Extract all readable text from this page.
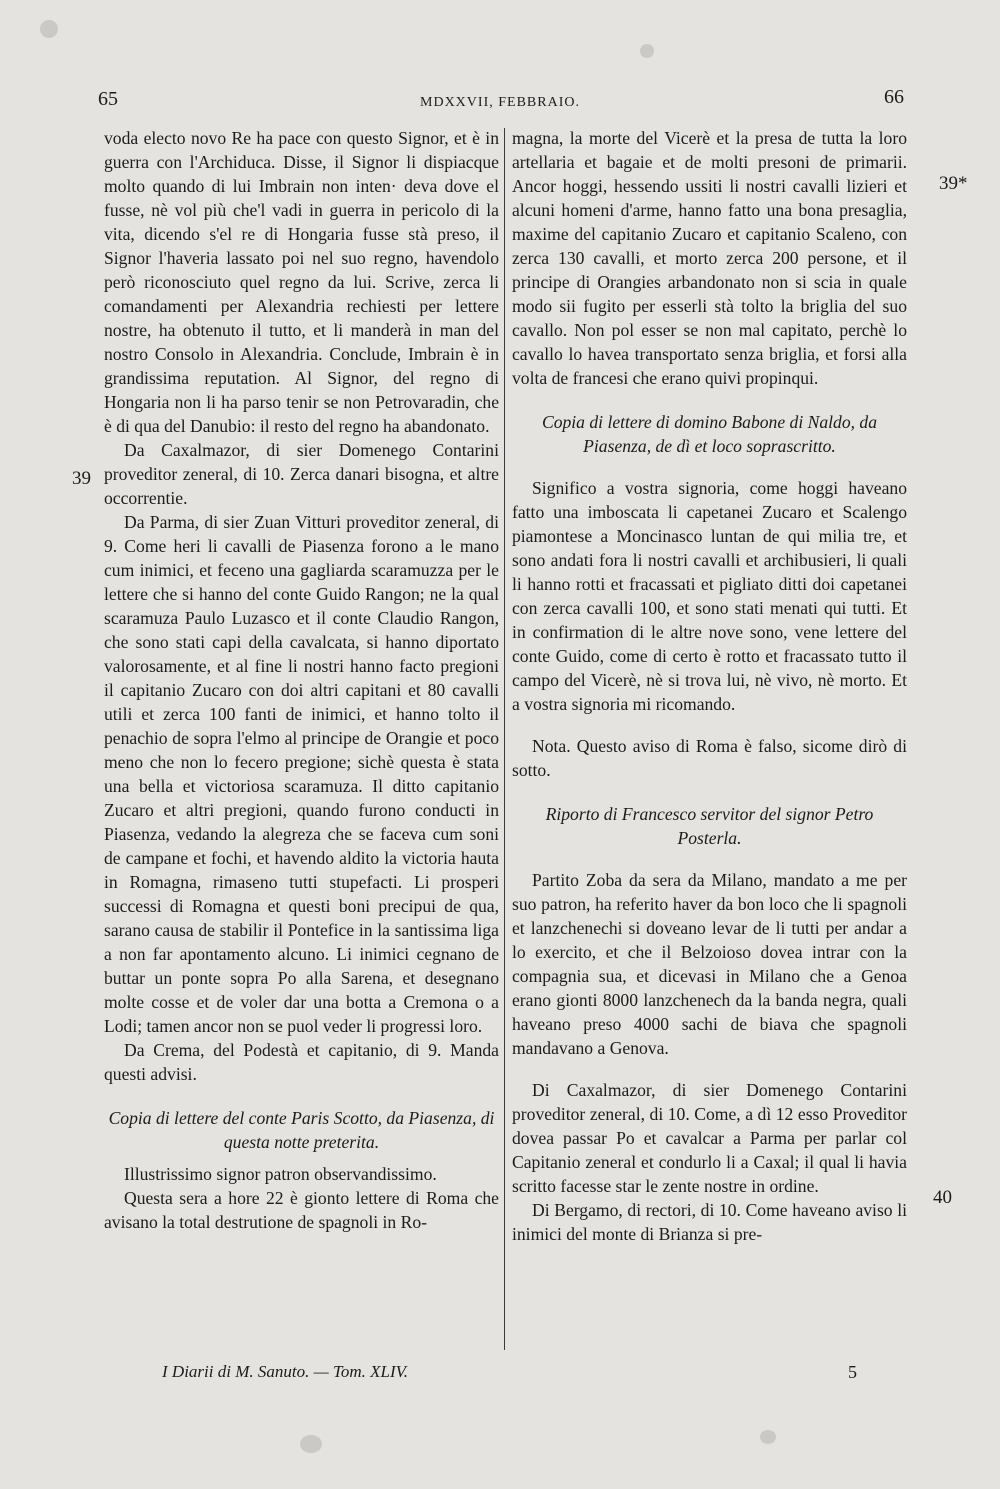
65	MDXXVII, FEBBRAIO.	66
39
39*
40

voda electo novo Re ha pace con questo Signor, et è in guerra con l'Archiduca. Disse, il Signor li dispiacque molto quando di lui Imbrain non inten· deva dove el fusse, nè vol più che'l vadi in guerra in pericolo di la vita, dicendo s'el re di Hongaria fusse stà preso, il Signor l'haveria lassato poi nel suo regno, havendolo però riconosciuto quel regno da lui. Scrive, zerca li comandamenti per Alexandria rechiesti per lettere nostre, ha obtenuto il tutto, et li manderà in man del nostro Consolo in Alexandria. Conclude, Imbrain è in grandissima reputation. Al Signor, del regno di Hongaria non li ha parso tenir se non Petrovaradin, che è di qua del Danubio: il resto del regno ha abandonato.

Da Caxalmazor, di sier Domenego Contarini proveditor zeneral, di 10. Zerca danari bisogna, et altre occorrentie.

Da Parma, di sier Zuan Vitturi proveditor zeneral, di 9. Come heri li cavalli de Piasenza forono a le mano cum inimici, et feceno una gagliarda scaramuzza per le lettere che si hanno del conte Guido Rangon; ne la qual scaramuza Paulo Luzasco et il conte Claudio Rangon, che sono stati capi della cavalcata, si hanno diportato valorosamente, et al fine li nostri hanno facto pregioni il capitanio Zucaro con doi altri capitani et 80 cavalli utili et zerca 100 fanti de inimici, et hanno tolto il penachio de sopra l'elmo al principe de Orangie et poco meno che non lo fecero pregione; sichè questa è stata una bella et victoriosa scaramuza. Il ditto capitanio Zucaro et altri pregioni, quando furono conducti in Piasenza, vedando la alegreza che se faceva cum soni de campane et fochi, et havendo aldito la victoria hauta in Romagna, rimaseno tutti stupefacti. Li prosperi successi di Romagna et questi boni precipui de qua, sarano causa de stabilir il Pontefice in la santissima liga a non far apontamento alcuno. Li inimici cegnano de buttar un ponte sopra Po alla Sarena, et desegnano molte cosse et de voler dar una botta a Cremona o a Lodi; tamen ancor non se puol veder li progressi loro.

Da Crema, del Podestà et capitanio, di 9. Manda questi advisi.

Copia di lettere del conte Paris Scotto, da Piasenza, di questa notte preterita.

Illustrissimo signor patron observandissimo.

Questa sera a hore 22 è gionto lettere di Roma che avisano la total destrutione de spagnoli in Ro-

magna, la morte del Vicerè et la presa de tutta la loro artellaria et bagaie et de molti presoni de primarii. Ancor hoggi, hessendo ussiti li nostri cavalli lizieri et alcuni homeni d'arme, hanno fatto una bona presaglia, maxime del capitanio Zucaro et capitanio Scaleno, con zerca 130 cavalli, et morto zerca 200 persone, et il principe di Orangies arbandonato non si scia in quale modo sii fugito per esserli stà tolto la briglia del suo cavallo. Non pol esser se non mal capitato, perchè lo cavallo lo havea transportato senza briglia, et forsi alla volta de francesi che erano quivi propinqui.

Copia di lettere di domino Babone di Naldo, da Piasenza, de dì et loco soprascritto.

Significo a vostra signoria, come hoggi haveano fatto una imboscata li capetanei Zucaro et Scalengo piamontese a Moncinasco luntan de qui milia tre, et sono andati fora li nostri cavalli et archibusieri, li quali li hanno rotti et fracassati et pigliato ditti doi capetanei con zerca cavalli 100, et sono stati menati qui tutti. Et in confirmation di le altre nove sono, vene lettere del conte Guido, come di certo è rotto et fracassato tutto il campo del Vicerè, nè si trova lui, nè vivo, nè morto. Et a vostra signoria mi ricomando.

Nota. Questo aviso di Roma è falso, sicome dirò di sotto.

Riporto di Francesco servitor del signor Petro Posterla.

Partito Zoba da sera da Milano, mandato a me per suo patron, ha referito haver da bon loco che li spagnoli et lanzchenechi si doveano levar de li tutti per andar a lo exercito, et che il Belzoioso dovea intrar con la compagnia sua, et dicevasi in Milano che a Genoa erano gionti 8000 lanzchenech da la banda negra, quali haveano preso 4000 sachi de biava che spagnoli mandavano a Genova.

Di Caxalmazor, di sier Domenego Contarini proveditor zeneral, di 10. Come, a dì 12 esso Proveditor dovea passar Po et cavalcar a Parma per parlar col Capitanio zeneral et condurlo li a Caxal; il qual li havia scritto facesse star le zente nostre in ordine.

Di Bergamo, di rectori, di 10. Come haveano aviso li inimici del monte di Brianza si pre-

I Diarii di M. Sanuto. — Tom. XLIV.	5
